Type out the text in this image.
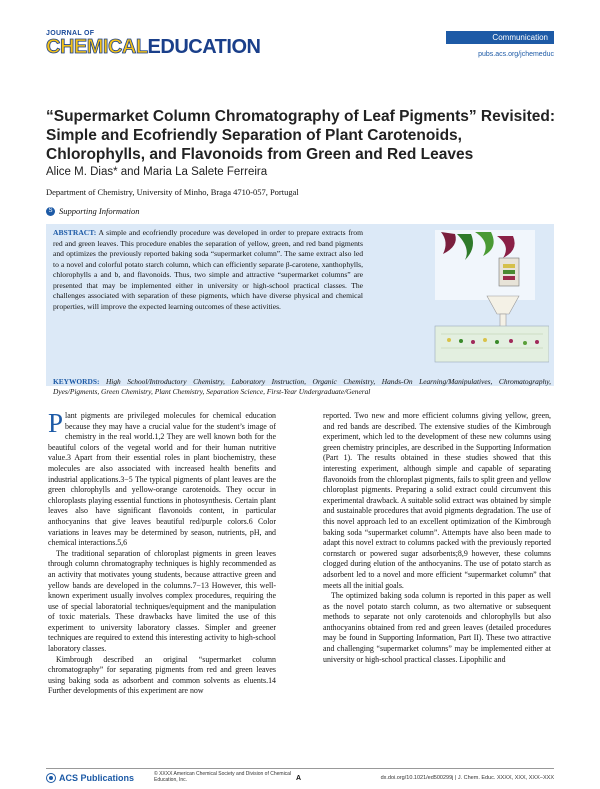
JOURNAL OF
CHEMICALEDUCATION	Communication
pubs.acs.org/jchemeduc
“Supermarket Column Chromatography of Leaf Pigments” Revisited: Simple and Ecofriendly Separation of Plant Carotenoids, Chlorophylls, and Flavonoids from Green and Red Leaves
Alice M. Dias* and Maria La Salete Ferreira
Department of Chemistry, University of Minho, Braga 4710-057, Portugal
S Supporting Information

ABSTRACT: A simple and ecofriendly procedure was developed in order to prepare extracts from red and green leaves. This procedure enables the separation of yellow, green, and red band pigments and optimizes the previously reported baking soda “supermarket column”. The same extract also led to a novel and colorful potato starch column, which can efficiently separate β-carotene, xanthophylls, chlorophylls a and b, and flavonoids. Thus, two simple and attractive “supermarket columns” are presented that may be implemented either in university or high-school practical classes. The challenges associated with separation of these pigments, which have diverse physical and chemical properties, will improve the expected learning outcomes of these activities.

KEYWORDS: High School/Introductory Chemistry, Laboratory Instruction, Organic Chemistry, Hands-On Learning/Manipulatives, Chromatography, Dyes/Pigments, Green Chemistry, Plant Chemistry, Separation Science, First-Year Undergraduate/General

Plant pigments are privileged molecules for chemical education because they may have a crucial value for the student’s image of chemistry in the real world.1,2 They are well known both for the beautiful colors of the vegetal world and for their human nutritive value.3 Apart from their essential roles in plant biochemistry, these molecules are also associated with increased health benefits and industrial applications.3−5 The typical pigments of plant leaves are the green chlorophylls and yellow-orange carotenoids. They occur in chloroplasts playing essential functions in photosynthesis. Certain plant leaves also have significant flavonoids content, in particular anthocyanins that give leaves beautiful red/purple colors.6 Color variations in leaves may be determined by season, nutrients, pH, and chemical interactions.5,6

The traditional separation of chloroplast pigments in green leaves through column chromatography techniques is highly recommended as an activity that motivates young students, because attractive green and yellow bands are developed in the columns.7−13 However, this well-known experiment usually involves complex procedures, requiring the use of special laboratorial techniques/equipment and the manipulation of toxic materials. These drawbacks have limited the use of this experiment to university laboratory classes. Simpler and greener techniques are required to extend this interesting activity to high-school laboratory classes.

Kimbrough described an original “supermarket column chromatography” for separating pigments from red and green leaves using baking soda as adsorbent and common solvents as eluents.14 Further developments of this experiment are now

reported. Two new and more efficient columns giving yellow, green, and red bands are described. The extensive studies of the Kimbrough experiment, which led to the development of these new columns using green chemistry principles, are described in the Supporting Information (Part 1). The results obtained in these studies showed that this interesting experiment, although simple and capable of separating flavonoids from the chloroplast pigments, fails to split green and yellow chloroplast pigments. Preparing a solid extract could circumvent this experimental drawback. A suitable solid extract was obtained by simple and sustainable procedures that avoid pigments degradation. The use of this novel approach led to an excellent optimization of the Kimbrough baking soda “supermarket column”. Attempts have also been made to adapt this novel extract to columns packed with the previously reported cornstarch or powered sugar adsorbents;8,9 however, these columns clogged during elution of the anthocyanins. The use of potato starch as adsorbent led to a novel and more efficient “supermarket column” that meets all the initial goals.

The optimized baking soda column is reported in this paper as well as the novel potato starch column, as two alternative or subsequent methods to separate not only carotenoids and chlorophylls but also anthocyanins obtained from red and green leaves (detailed procedures may be found in Supporting Information, Part II). These two attractive and challenging “supermarket columns” may be implemented either at university or high-school practical classes. Lipophilic and

ACS Publications	© XXXX American Chemical Society and Division of Chemical Education, Inc.	A	dx.doi.org/10.1021/ed500299j | J. Chem. Educ. XXXX, XXX, XXX−XXX
